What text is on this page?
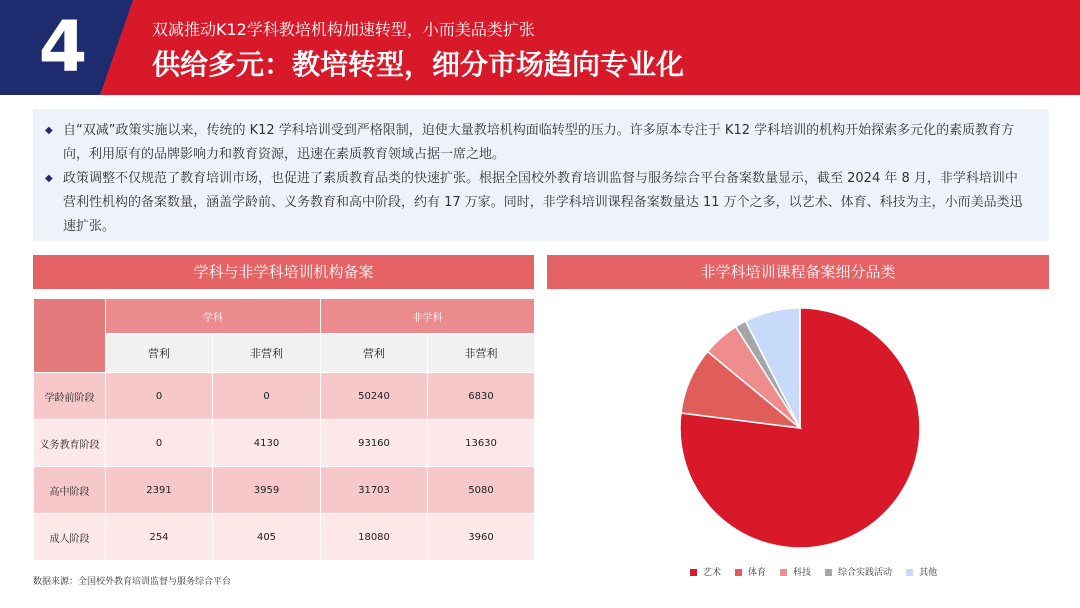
4	双减推动K12学科教培机构加速转型，小而美品类扩张
供给多元：教培转型，细分市场趋向专业化

◆ 自“双减”政策实施以来，传统的 K12 学科培训受到严格限制，迫使大量教培机构面临转型的压力。许多原本专注于 K12 学科培训的机构开始探索多元化的素质教育方向，利用原有的品牌影响力和教育资源，迅速在素质教育领域占据一席之地。

◆ 政策调整不仅规范了教育培训市场，也促进了素质教育品类的快速扩张。根据全国校外教育培训监督与服务综合平台备案数量显示，截至 2024 年 8 月，非学科培训中营利性机构的备案数量，涵盖学龄前、义务教育和高中阶段，约有 17 万家。同时，非学科培训课程备案数量达 11 万个之多，以艺术、体育、科技为主，小而美品类迅速扩张。

学科与非学科培训机构备案
	学科		非学科	
	营利	非营利	营利	非营利
学龄前阶段	0	0	50240	6830
义务教育阶段	0	4130	93160	13630
高中阶段	2391	3959	31703	5080
成人阶段	254	405	18080	3960
数据来源：全国校外教育培训监督与服务综合平台
非学科培训课程备案细分品类
艺术	体育	科技	综合实践活动	其他
